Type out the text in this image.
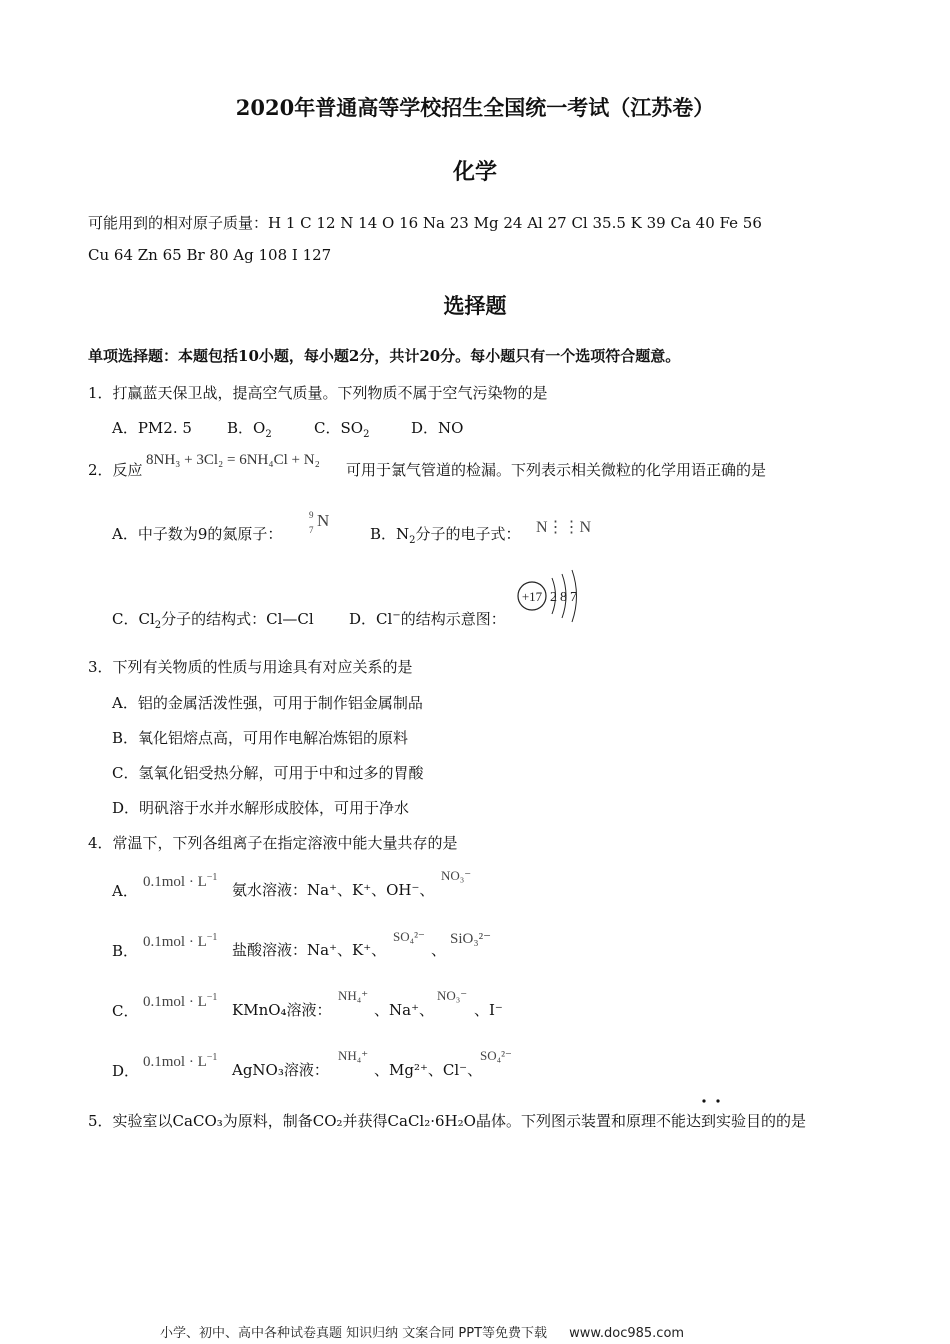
2020年普通高等学校招生全国统一考试（江苏卷）
化学
可能用到的相对原子质量：H 1 C 12 N 14 O 16 Na 23 Mg 24 Al 27 Cl 35.5 K 39 Ca 40 Fe 56
Cu 64 Zn 65 Br 80 Ag 108 I 127
选择题
单项选择题：本题包括10小题，每小题2分，共计20分。每小题只有一个选项符合题意。
1．打赢蓝天保卫战，提高空气质量。下列物质不属于空气污染物的是
A．PM2. 5 B．$O_2$	C．$SO_2$	D．NO
2．反应
8NH₃ + 3Cl₂ = 6NH₄Cl + N₂
可用于氯气管道的检漏。下列表示相关微粒的化学用语正确的是
A．中子数为9的氮原子：
9
7 N
B．$N_2$分子的电子式： N⋮⋮N
C．$Cl_2$分子的结构式：Cl—Cl D．Cl−的结构示意图：
+17 2 8 7
3．下列有关物质的性质与用途具有对应关系的是
A．铝的金属活泼性强，可用于制作铝金属制品
B．氧化铝熔点高，可用作电解冶炼铝的原料
C．氢氧化铝受热分解，可用于中和过多的胃酸
D．明矾溶于水并水解形成胶体，可用于净水
4．常温下，下列各组离子在指定溶液中能大量共存的是
A． $0.1mol \cdot L^{-1}$
氨水溶液：Na⁺、K⁺、OH⁻、
NO₃⁻
B． $0.1mol \cdot L^{-1}$
盐酸溶液：Na⁺、K⁺、
SO₄²⁻
、
SiO₃²⁻
C． $0.1mol \cdot L^{-1}$
KMnO₄溶液：
NH₄⁺
、Na⁺、
NO₃⁻
、I⁻
D． $0.1mol \cdot L^{-1}$
AgNO₃溶液：
NH₄⁺
、Mg²⁺、Cl⁻、
SO₄²⁻
5．实验室以CaCO₃为原料，制备CO₂并获得CaCl₂·6H₂O晶体。下列图示装置和原理不能达到实验目的的是
小学、初中、高中各种试卷真题 知识归纳 文案合同 PPT等免费下载 www.doc985.com
